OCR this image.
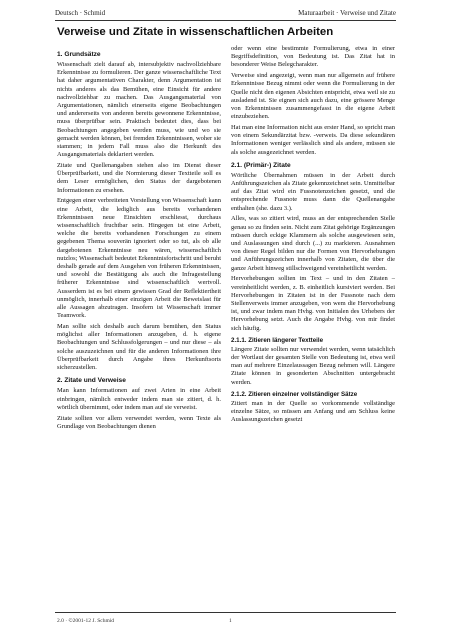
Deutsch · Schmid	Maturaarbeit · Verweise und Zitate
Verweise und Zitate in wissenschaftlichen Arbeiten
1. Grundsätze

Wissenschaft zielt darauf ab, intersubjektiv nachvollziehbare Erkenntnisse zu formulieren. Der ganze wissenschaftliche Text hat daher argumentativen Charakter, denn Argumentation ist nichts anderes als das Bemühen, eine Einsicht für andere nachvollziehbar zu machen. Das Ausgangsmaterial von Argumentationen, nämlich einerseits eigene Beobachtungen und andererseits von anderen bereits gewonnene Erkenntnisse, muss überprüfbar sein. Praktisch bedeutet dies, dass bei Beobachtungen angegeben werden muss, wie und wo sie gemacht werden können, bei fremden Erkenntnissen, woher sie stammen; in jedem Fall muss also die Herkunft des Ausgangsmaterials deklariert werden.

Zitate und Quellenangaben stehen also im Dienst dieser Überprüfbarkeit, und die Normierung dieser Textteile soll es dem Leser ermöglichen, den Status der dargebotenen Informationen zu ersehen.

Entgegen einer verbreiteten Vorstellung von Wissenschaft kann eine Arbeit, die lediglich aus bereits vorhandenen Erkenntnissen neue Einsichten erschliesst, durchaus wissenschaftlich fruchtbar sein. Hingegen ist eine Arbeit, welche die bereits vorhandenen Forschungen zu einem gegebenen Thema souverän ignoriert oder so tut, als ob alle dargebotenen Erkenntnisse neu wären, wissenschaftlich nutzlos; Wissenschaft bedeutet Erkenntnisfortschritt und beruht deshalb gerade auf dem Ausgehen von früheren Erkenntnissen, und sowohl die Bestätigung als auch die Infragestellung früherer Erkenntnisse sind wissenschaftlich wertvoll. Ausserdem ist es bei einem gewissen Grad der Reflektiertheit unmöglich, innerhalb einer einzigen Arbeit die Beweislast für alle Aussagen abzutragen. Insofern ist Wissenschaft immer Teamwork.

Man sollte sich deshalb auch darum bemühen, den Status möglichst aller Informationen anzugeben, d. h. eigene Beobachtungen und Schlussfolgerungen – und nur diese – als solche auszuzeichnen und für die anderen Informationen ihre Überprüfbarkeit durch Angabe ihres Herkunftsorts sicherzustellen.

2. Zitate und Verweise

Man kann Informationen auf zwei Arten in eine Arbeit einbringen, nämlich entweder indem man sie zitiert, d. h. wörtlich übernimmt, oder indem man auf sie verweist.

Zitate sollten vor allem verwendet werden, wenn Texte als Grundlage von Beobachtungen dienen

oder wenn eine bestimmte Formulierung, etwa in einer Begriffsdefinition, von Bedeutung ist. Das Zitat hat in besonderer Weise Belegcharakter.

Verweise sind angezeigt, wenn man nur allgemein auf frühere Erkenntnisse Bezug nimmt oder wenn die Formulierung in der Quelle nicht den eigenen Absichten entspricht, etwa weil sie zu ausladend ist. Sie eignen sich auch dazu, eine grössere Menge von Erkenntnissen zusammengefasst in die eigene Arbeit einzubeziehen.

Hat man eine Information nicht aus erster Hand, so spricht man von einem Sekundärzitat bzw. -verweis. Da diese sekundären Informationen weniger verlässlich sind als andere, müssen sie als solche ausgezeichnet werden.

2.1. (Primär-) Zitate

Wörtliche Übernahmen müssen in der Arbeit durch Anführungszeichen als Zitate gekennzeichnet sein. Unmittelbar auf das Zitat wird ein Fussnotenzeichen gesetzt, und die entsprechende Fussnote muss dann die Quellenangabe enthalten (she. dazu 3.).

Alles, was so zitiert wird, muss an der entsprechenden Stelle genau so zu finden sein. Nicht zum Zitat gehörige Ergänzungen müssen durch eckige Klammern als solche ausgewiesen sein, und Auslassungen sind durch (...) zu markieren. Ausnahmen von dieser Regel bilden nur die Formen von Hervorhebungen und Anführungszeichen innerhalb von Zitaten, die über die ganze Arbeit hinweg stillschweigend vereinheitlicht werden.

Hervorhebungen sollten im Text – und in den Zitaten – vereinheitlicht werden, z. B. einheitlich kursiviert werden. Bei Hervorhebungen in Zitaten ist in der Fussnote nach dem Stellenverweis immer anzugeben, von wem die Hervorhebung ist, und zwar indem man Hvhg. von Initialen des Urhebers der Hervorhebung setzt. Auch die Angabe Hvhg. von mir findet sich häufig.

2.1.1. Zitieren längerer Textteile

Längere Zitate sollten nur verwendet werden, wenn tatsächlich der Wortlaut der gesamten Stelle von Bedeutung ist, etwa weil man auf mehrere Einzelaussagen Bezug nehmen will. Längere Zitate können in gesonderten Abschnitten untergebracht werden.

2.1.2. Zitieren einzelner vollständiger Sätze

Zitiert man in der Quelle so vorkommende vollständige einzelne Sätze, so müssen am Anfang und am Schluss keine Auslassungszeichen gesetzt

2.0 · ©2001-12 J. Schmid	1
